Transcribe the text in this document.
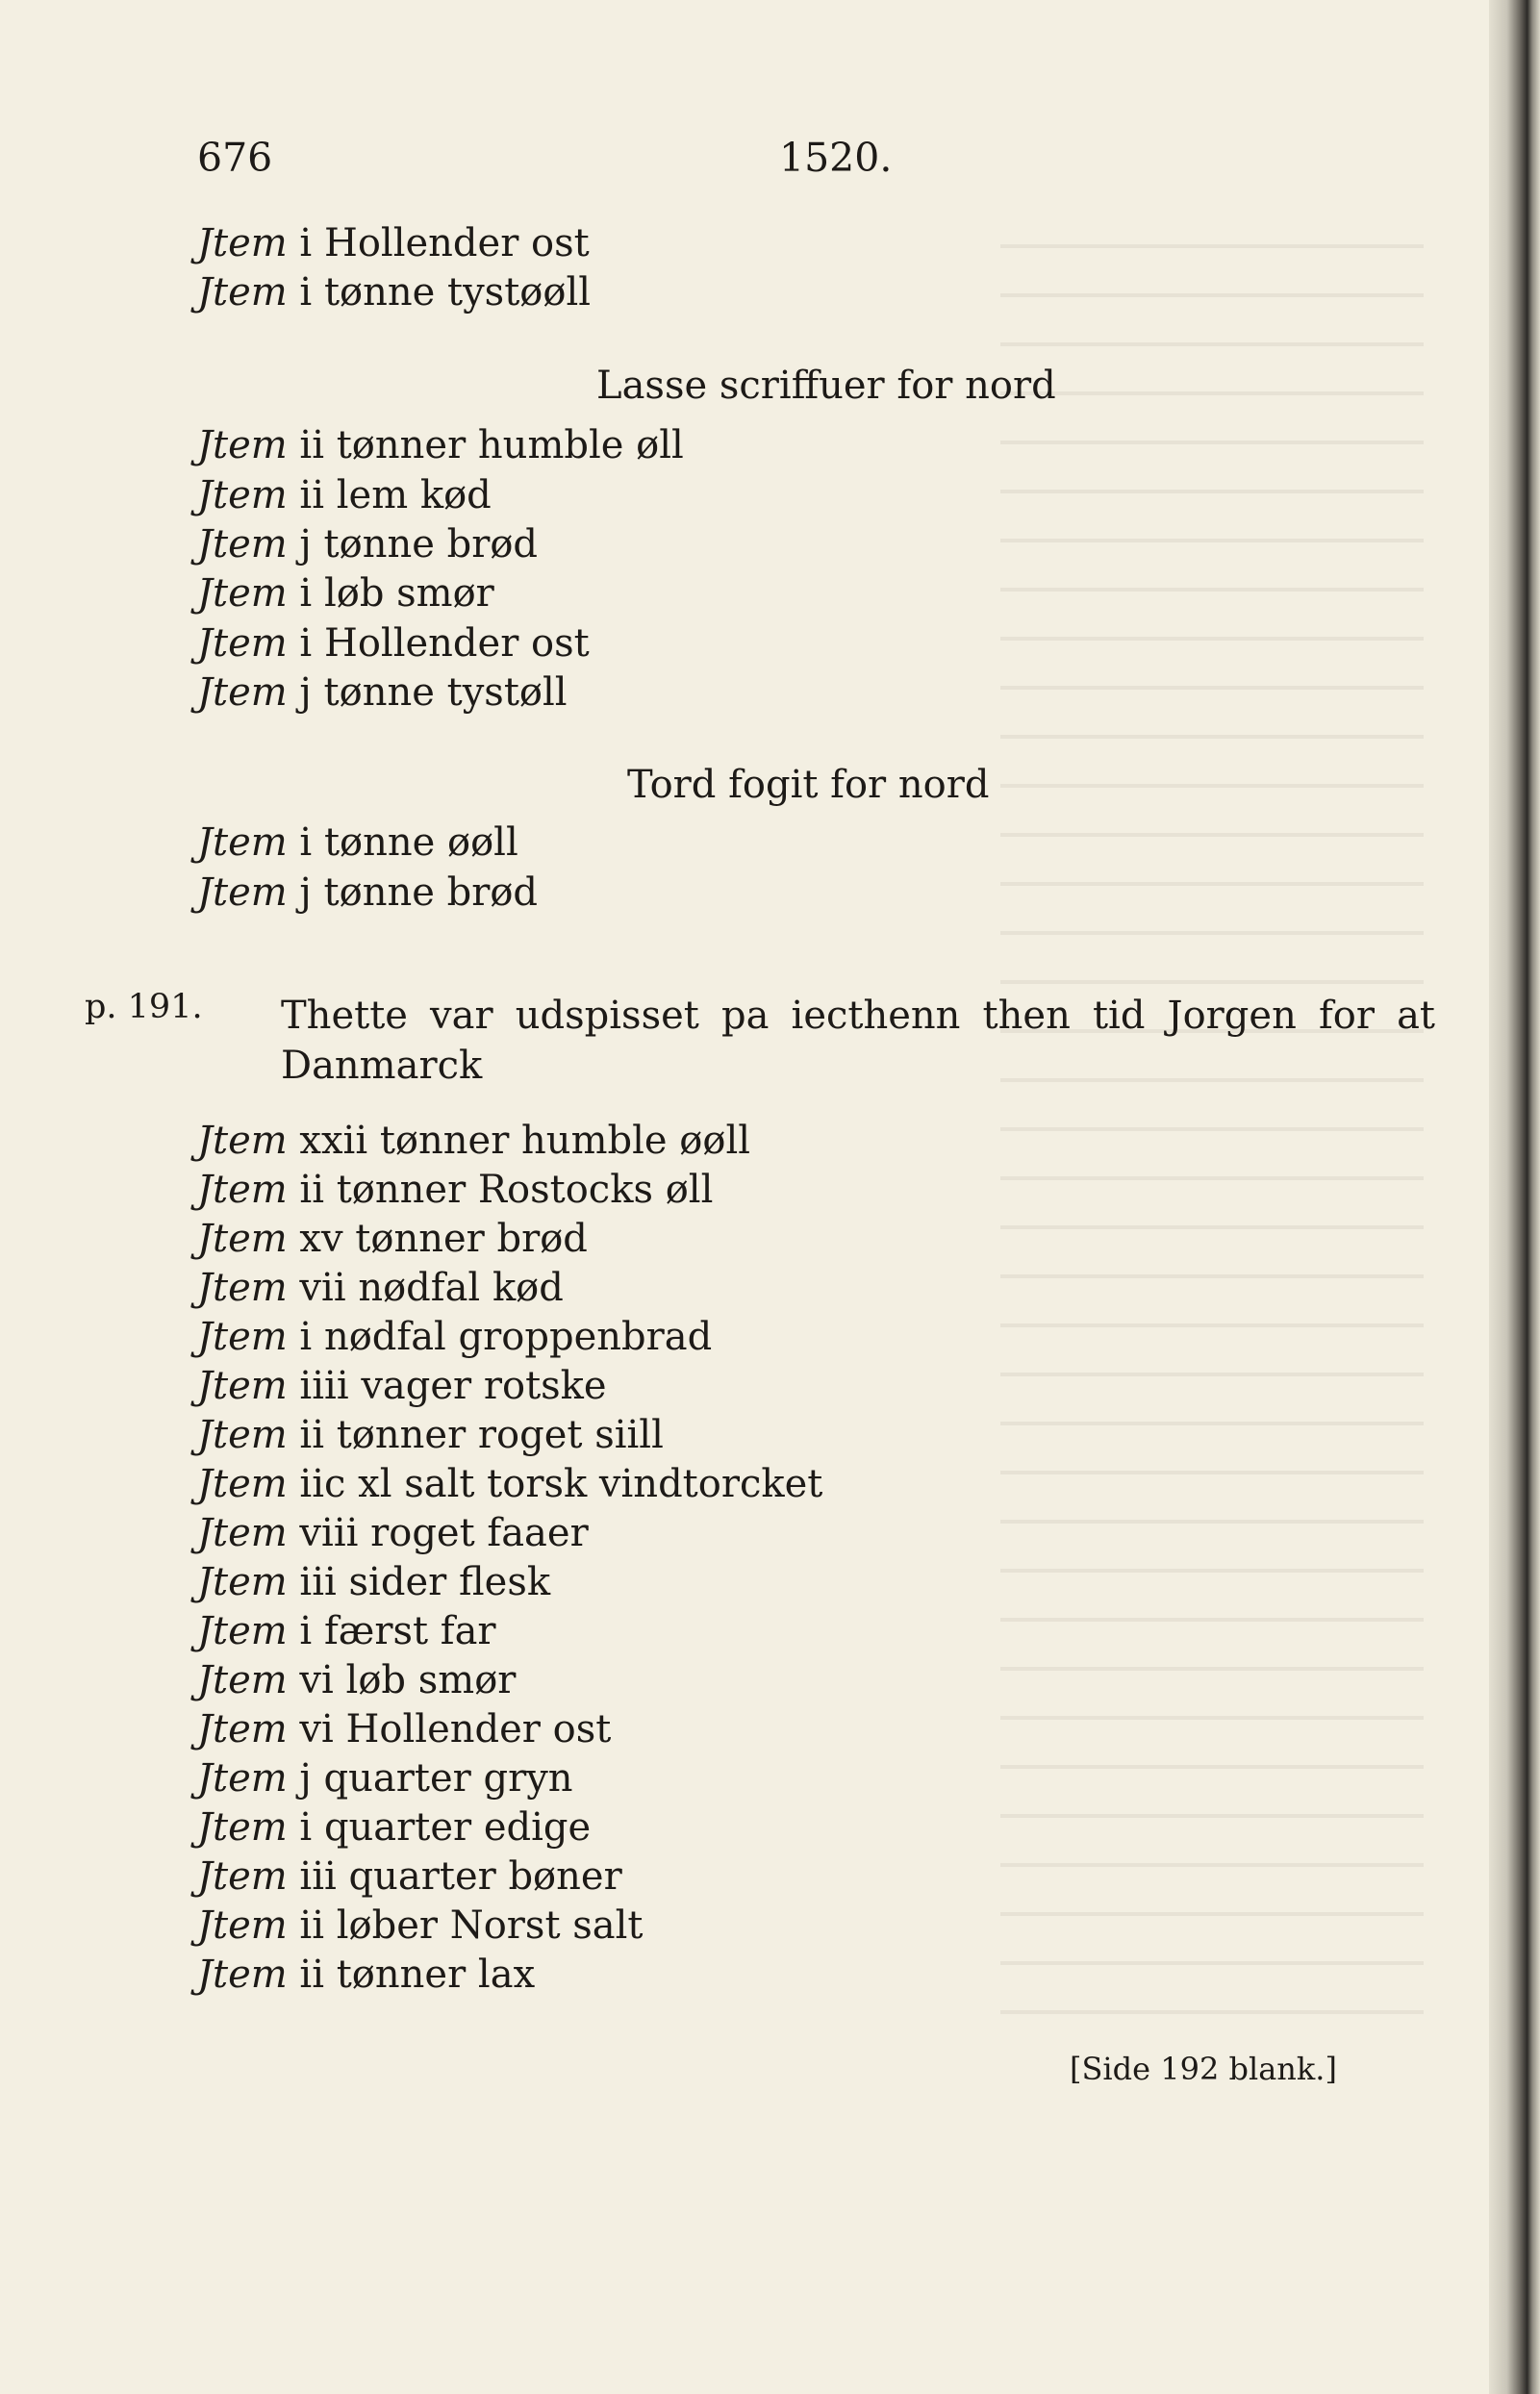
676	1520.
Jtem i Hollender ost
Jtem i tønne tystøøll
Lasse scriffuer for nord
Jtem ii tønner humble øll
Jtem ii lem kød
Jtem j tønne brød
Jtem i løb smør
Jtem i Hollender ost
Jtem j tønne tystøll
Tord fogit for nord
Jtem i tønne øøll
Jtem j tønne brød
p. 191. Thette var udspisset pa iecthenn then tid Jorgen for at Danmarck
Jtem xxii tønner humble øøll
Jtem ii tønner Rostocks øll
Jtem xv tønner brød
Jtem vii nødfal kød
Jtem i nødfal groppenbrad
Jtem iiii vager rotske
Jtem ii tønner roget siill
Jtem iic xl salt torsk vindtorcket
Jtem viii roget faaer
Jtem iii sider flesk
Jtem i færst far
Jtem vi løb smør
Jtem vi Hollender ost
Jtem j quarter gryn
Jtem i quarter edige
Jtem iii quarter bøner
Jtem ii løber Norst salt
Jtem ii tønner lax
[Side 192 blank.]
